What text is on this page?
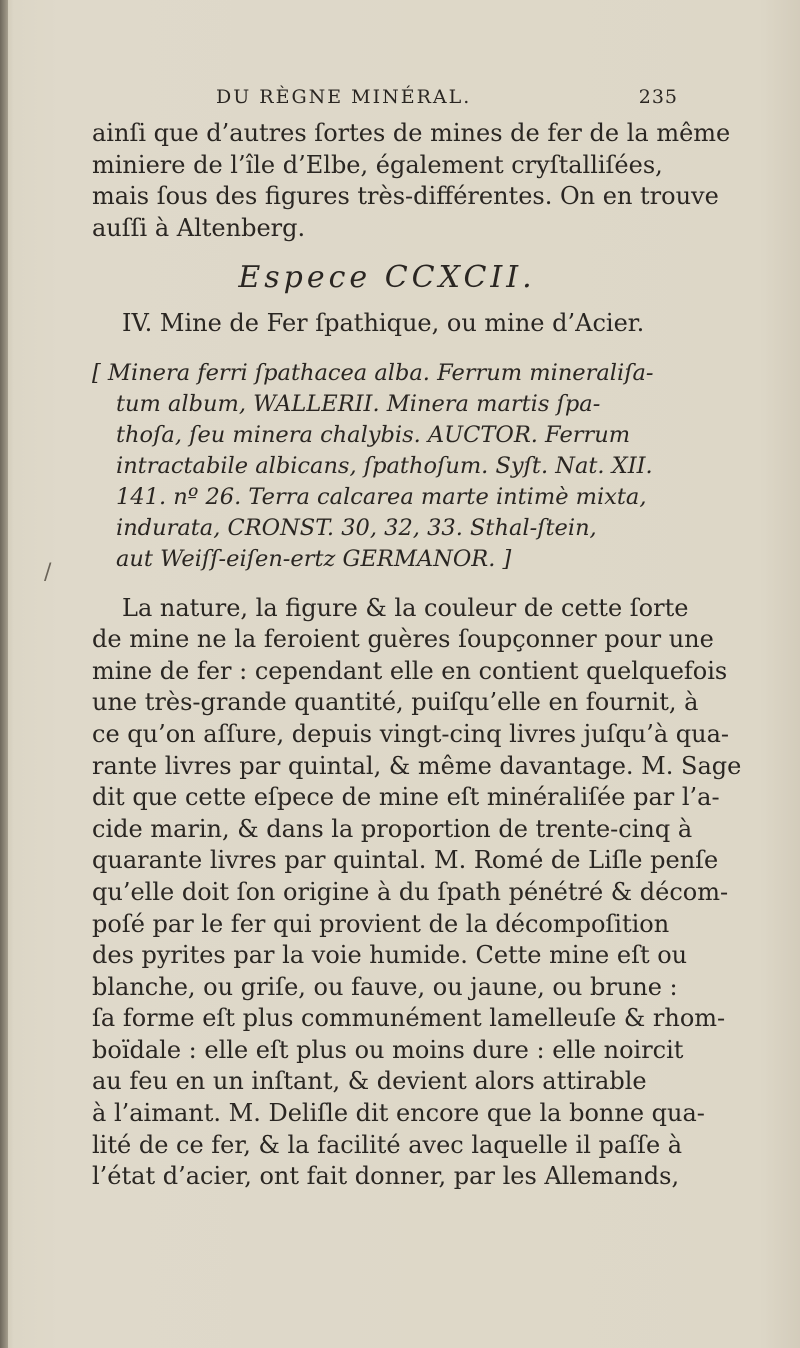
DU RÈGNE MINÉRAL.	235
/
ainſi que d’autres ſortes de mines de fer de la même
miniere de l’île d’Elbe, également cryſtalliſées,
mais ſous des figures très-différentes. On en trouve
auſſi à Altenberg.
Espece CCXCII.
IV. Mine de Fer ſpathique, ou mine d’Acier.
[ Minera ferri ſpathacea alba. Ferrum mineraliſa-
tum album, WALLERII. Minera martis ſpa-
thoſa, ſeu minera chalybis. AUCTOR. Ferrum
intractabile albicans, ſpathoſum. Syſt. Nat. XII.
141. nº 26. Terra calcarea marte intimè mixta,
indurata, CRONST. 30, 32, 33. Sthal-ſtein,
aut Weiſſ-eiſen-ertz GERMANOR. ]
La nature, la figure & la couleur de cette ſorte
de mine ne la feroient guères ſoupçonner pour une
mine de fer : cependant elle en contient quelquefois
une très-grande quantité, puiſqu’elle en fournit, à
ce qu’on aſſure, depuis vingt-cinq livres juſqu’à qua-
rante livres par quintal, & même davantage. M. Sage
dit que cette eſpece de mine eſt minéraliſée par l’a-
cide marin, & dans la proportion de trente-cinq à
quarante livres par quintal. M. Romé de Liſle penſe
qu’elle doit ſon origine à du ſpath pénétré & décom-
poſé par le fer qui provient de la décompoſition
des pyrites par la voie humide. Cette mine eſt ou
blanche, ou griſe, ou fauve, ou jaune, ou brune :
ſa forme eſt plus communément lamelleuſe & rhom-
boïdale : elle eſt plus ou moins dure : elle noircit
au feu en un inſtant, & devient alors attirable
à l’aimant. M. Deliſle dit encore que la bonne qua-
lité de ce fer, & la facilité avec laquelle il paſſe à
l’état d’acier, ont fait donner, par les Allemands,
